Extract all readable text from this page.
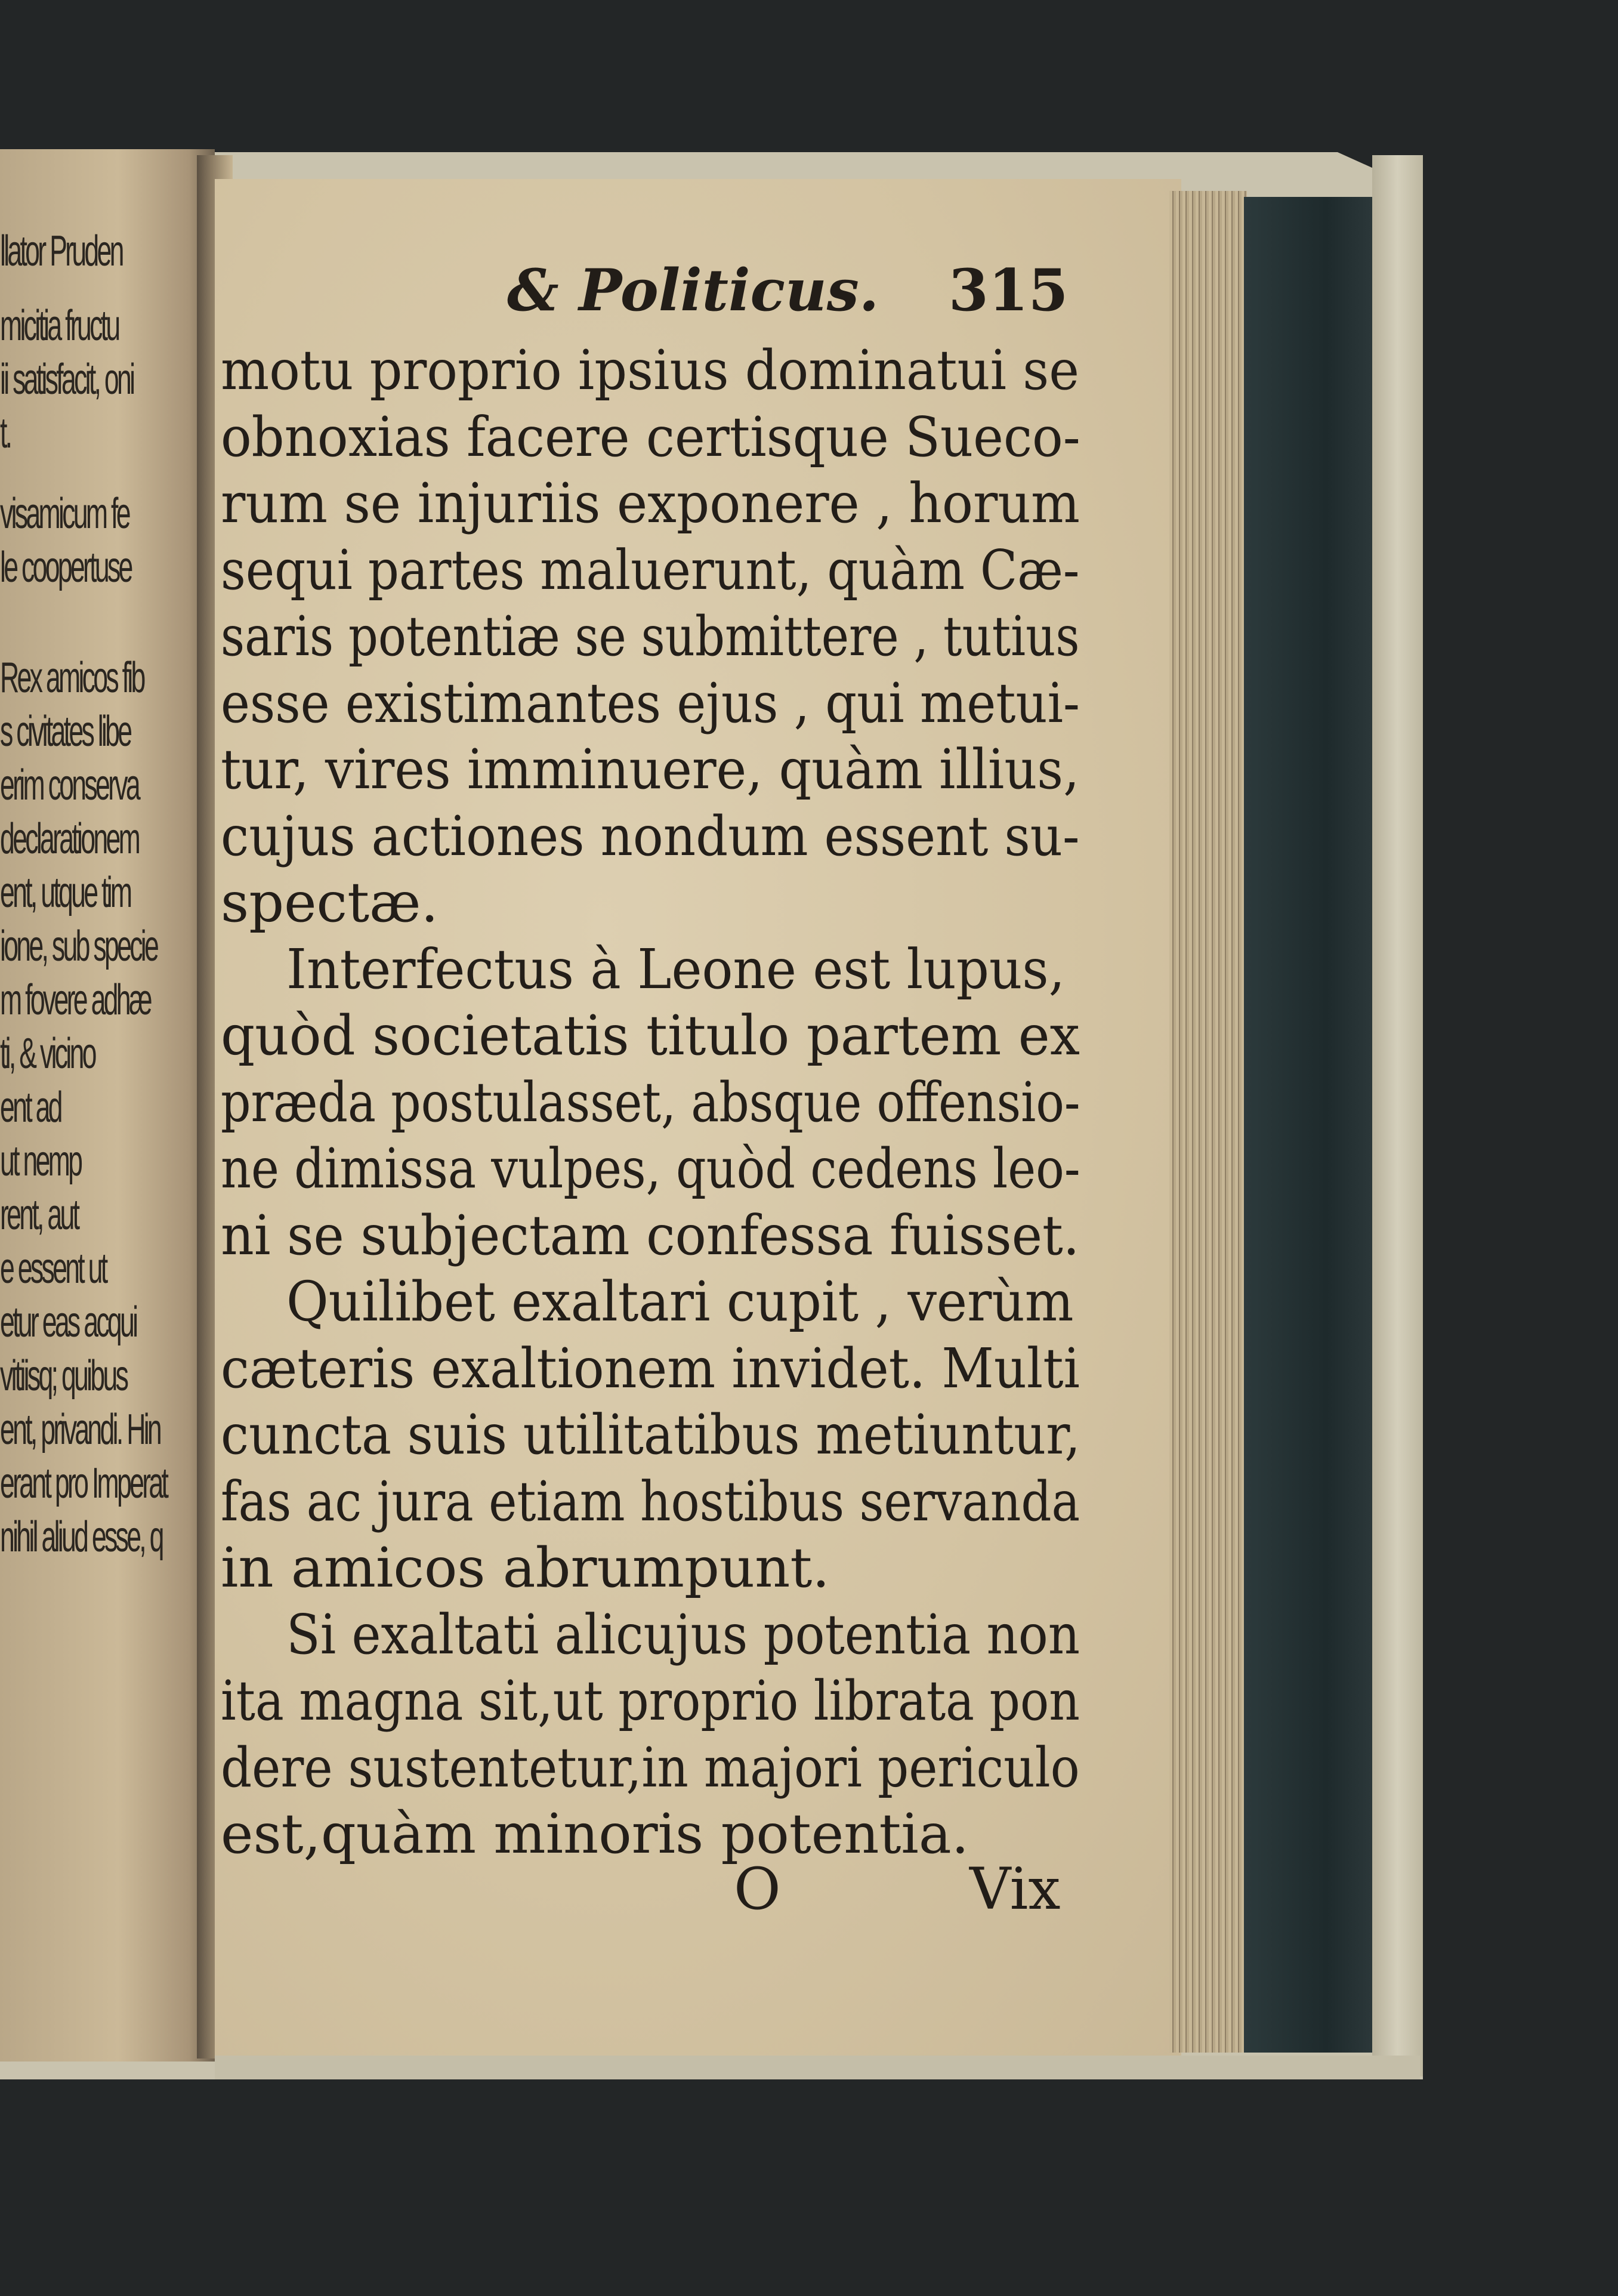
llator Pruden
micitia fructu
ii satisfacit, oni
t.
visamicum fe
le coopertuse
Rex amicos fib
s civitates libe
erim conserva
declarationem
ent, utque tim
ione, sub specie
m fovere adhæ
ti, & vicino
ent ad
ut nemp
rent, aut
e essent ut
etur eas acqui
vitiisq; quibus
ent, privandi. Hin
erant pro Imperat
nihil aliud esse, q
& Politicus. 315
motu proprio ipsius dominatui se
obnoxias facere certisque Sueco-
rum se injuriis exponere , horum
sequi partes maluerunt, quàm Cæ-
saris potentiæ se submittere , tutius
esse existimantes ejus , qui metui-
tur, vires imminuere, quàm illius,
cujus actiones nondum essent su-
spectæ.
Interfectus à Leone est lupus,
quòd societatis titulo partem ex
præda postulasset, absque offensio-
ne dimissa vulpes, quòd cedens leo-
ni se subjectam confessa fuisset.
Quilibet exaltari cupit , verùm
cæteris exaltionem invidet. Multi
cuncta suis utilitatibus metiuntur,
fas ac jura etiam hostibus servanda
in amicos abrumpunt.
Si exaltati alicujus potentia non
ita magna sit,ut proprio librata pon
dere sustentetur,in majori periculo
est,quàm minoris potentia.
O	Vix
